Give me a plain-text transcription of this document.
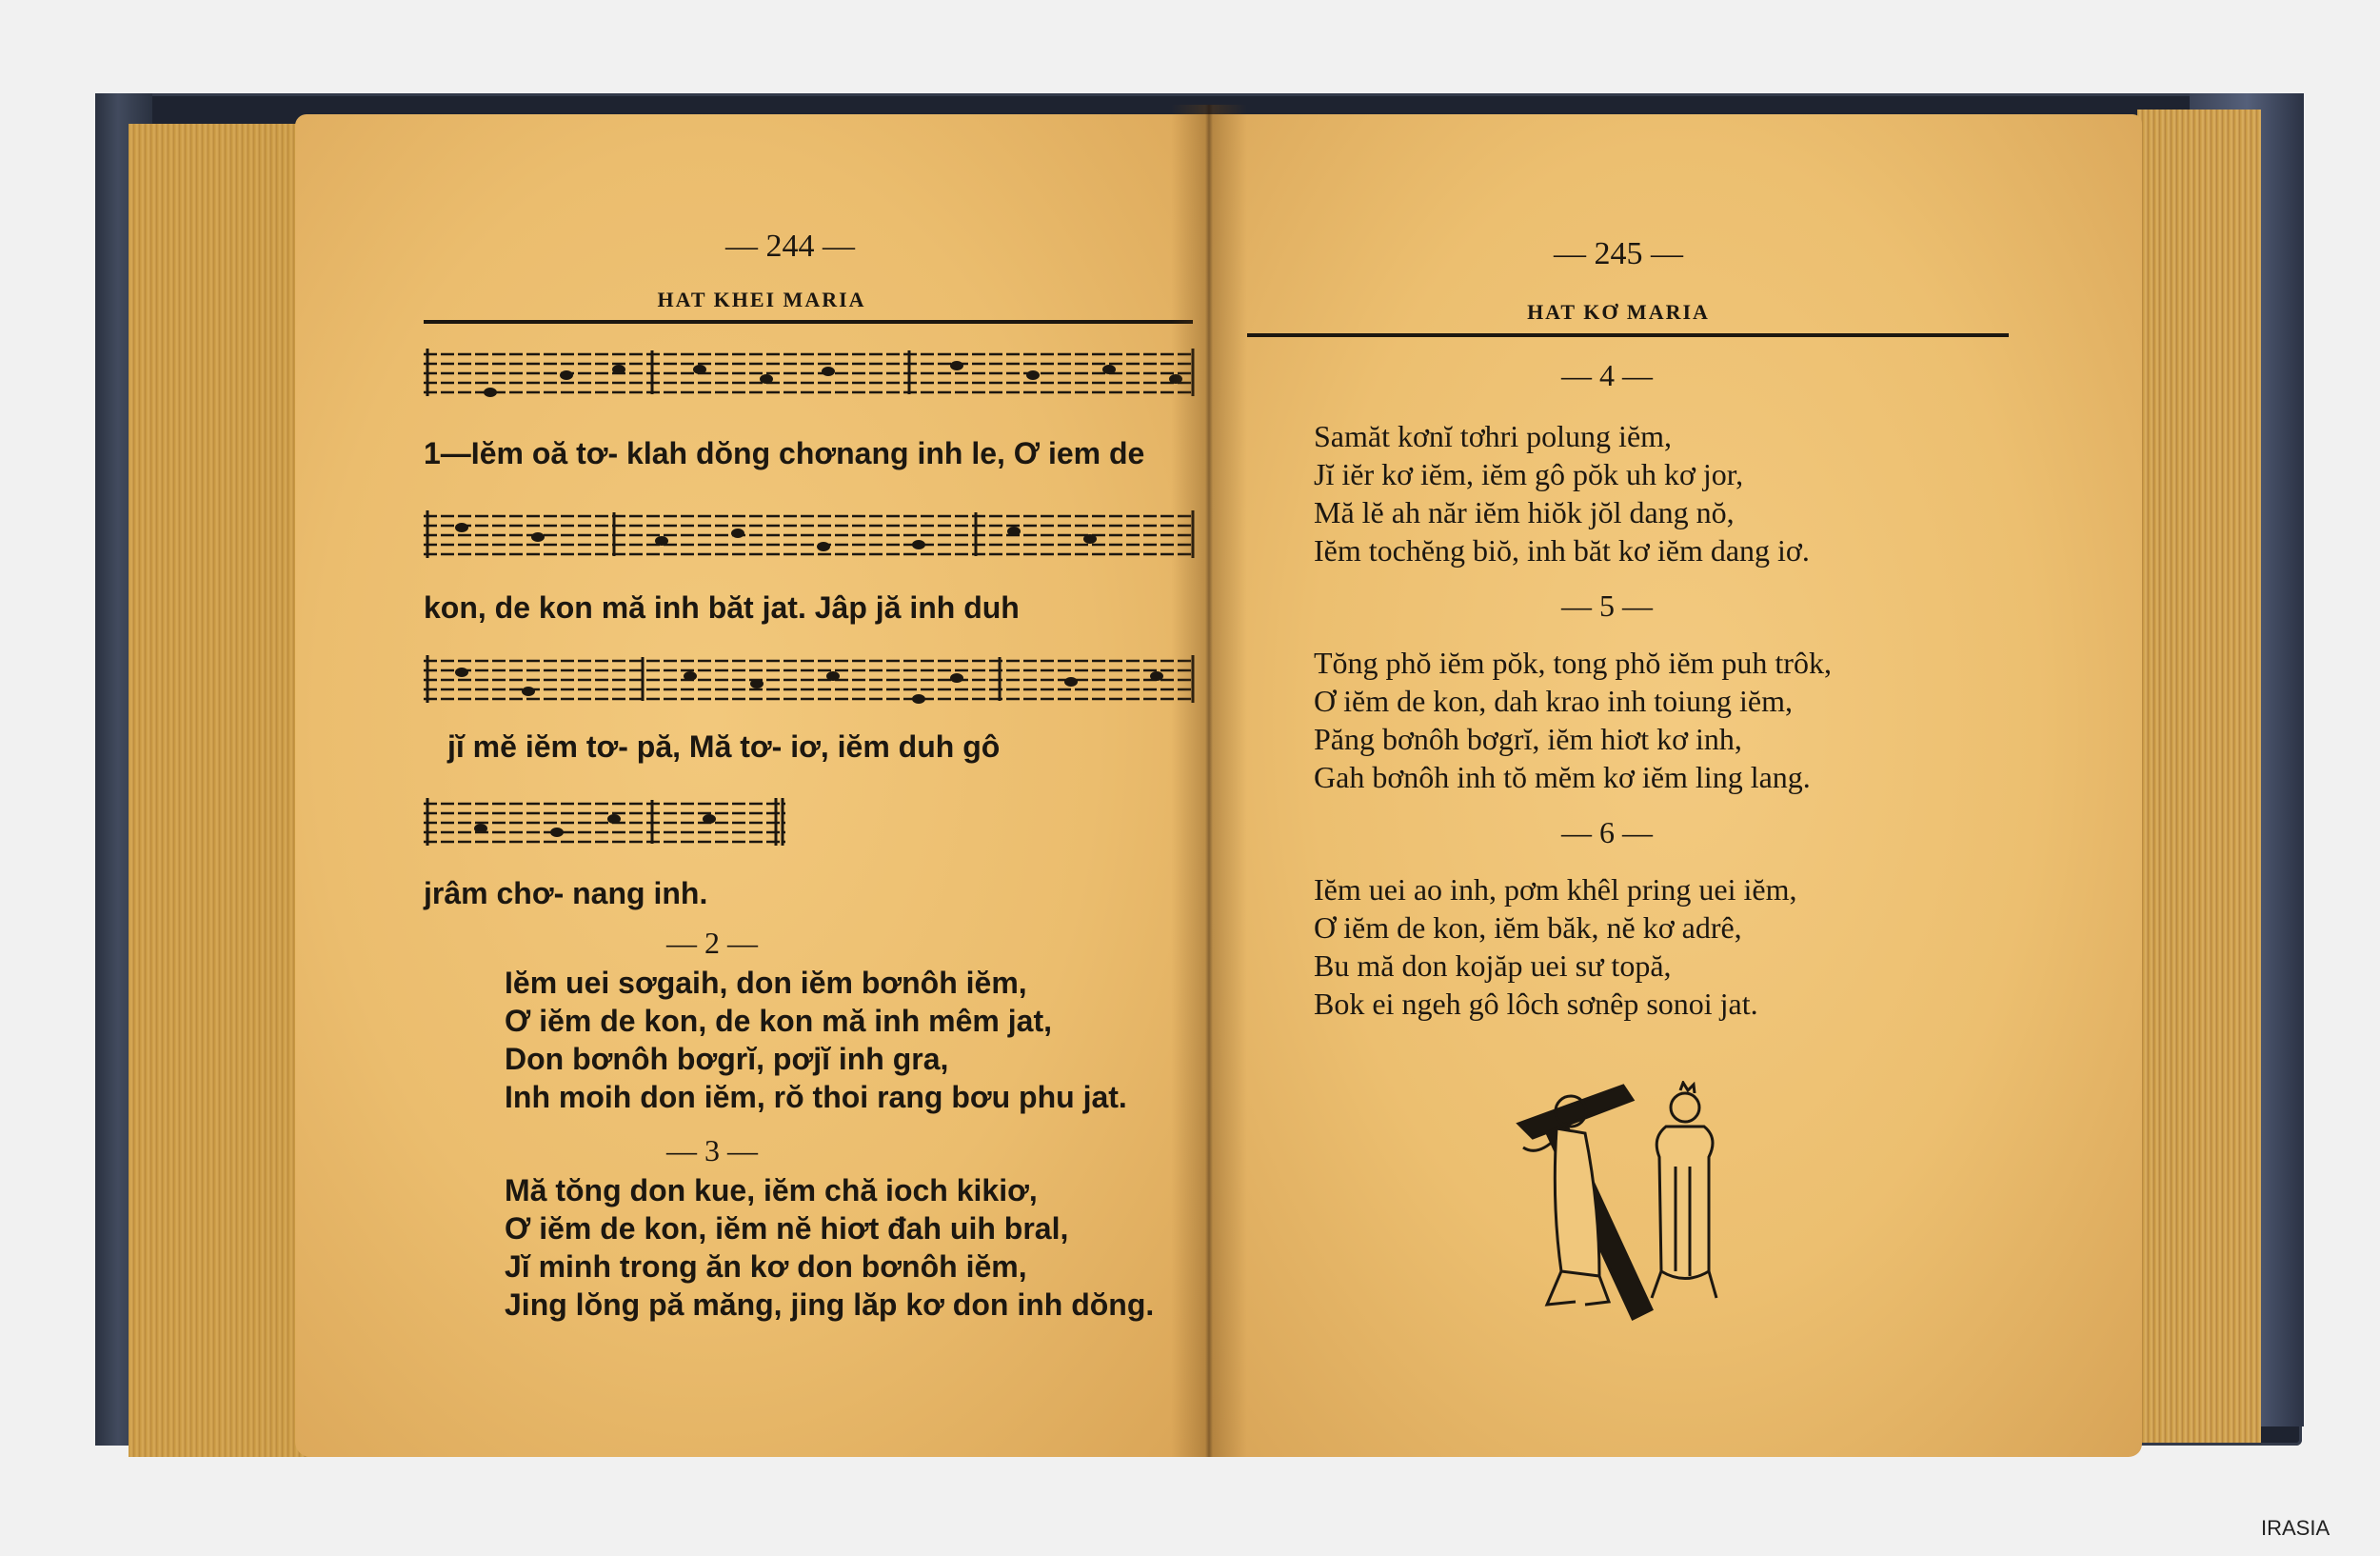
— 244 —
HAT KHEI MARIA
1—Iĕm oă tơ- klah dŏng chơnang inh le, Ơ iem de
kon, de kon mă inh băt jat. Jâp jă inh duh
jĭ mĕ iĕm tơ- pă, Mă tơ- iơ, iĕm duh gô
jrâm chơ- nang inh.
— 2 —
Iĕm uei sơgaih, don iĕm bơnôh iĕm,
Ơ iĕm de kon, de kon mă inh mêm jat,
Don bơnôh bơgrĭ, pơjĭ inh gra,
Inh moih don iĕm, rŏ thoi rang bơu phu jat.
— 3 —
Mă tŏng don kue, iĕm chă ioch kikiơ,
Ơ iĕm de kon, iĕm nĕ hiơt đah uih bral,
Jĭ minh trong ăn kơ don bơnôh iĕm,
Jing lŏng pă măng, jing lăp kơ don inh dŏng.
— 245 —
HAT KƠ MARIA
— 4 —
Samăt kơnĭ tơhri polung iĕm,
Jĭ iĕr kơ iĕm, iĕm gô pŏk uh kơ jor,
Mă lĕ ah năr iĕm hiŏk jŏl dang nŏ,
Iĕm tochĕng biŏ, inh băt kơ iĕm dang iơ.
— 5 —
Tŏng phŏ iĕm pŏk, tong phŏ iĕm puh trôk,
Ơ iĕm de kon, dah krao inh toiung iĕm,
Păng bơnôh bơgrĭ, iĕm hiơt kơ inh,
Gah bơnôh inh tŏ mĕm kơ iĕm ling lang.
— 6 —
Iĕm uei ao inh, pơm khêl pring uei iĕm,
Ơ iĕm de kon, iĕm băk, nĕ kơ adrê,
Bu mă don kojăp uei sư topă,
Bok ei ngeh gô lôch sơnêp sonoi jat.
IRASIA
